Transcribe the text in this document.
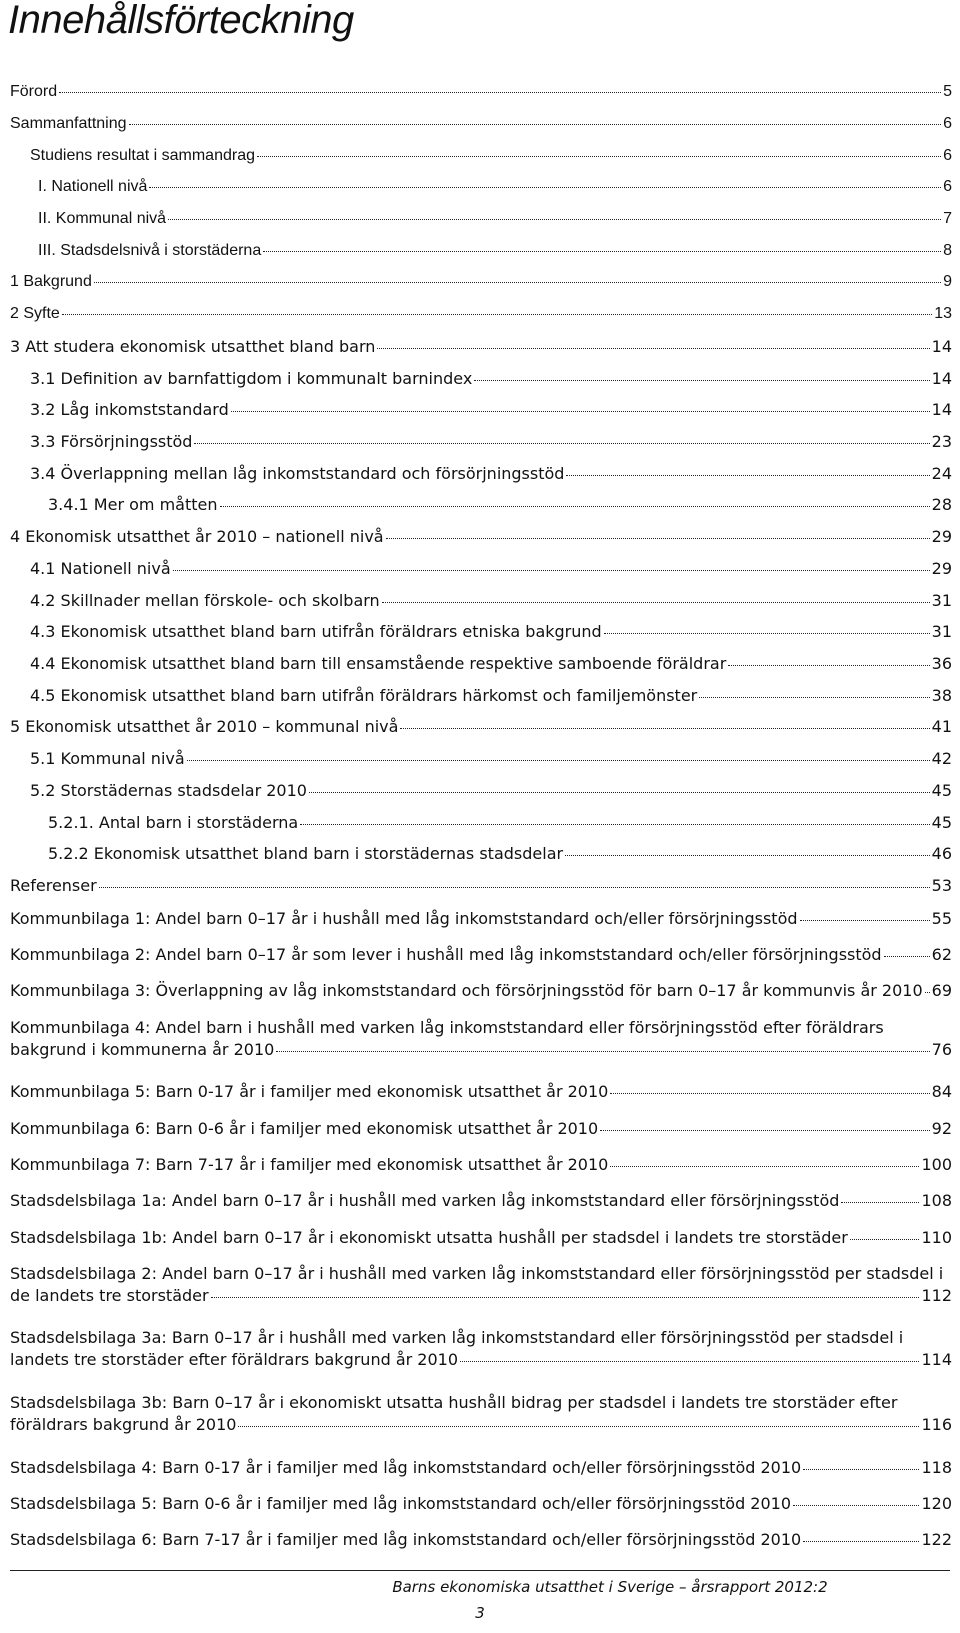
Innehållsförteckning
Förord	5
Sammanfattning	6
Studiens resultat i sammandrag	6
I. Nationell nivå	6
II. Kommunal nivå	7
III. Stadsdelsnivå i storstäderna	8
1 Bakgrund	9
2 Syfte	13
3 Att studera ekonomisk utsatthet bland barn	14
3.1 Definition av barnfattigdom i kommunalt barnindex	14
3.2 Låg inkomststandard	14
3.3 Försörjningsstöd	23
3.4 Överlappning mellan låg inkomststandard och försörjningsstöd	24
3.4.1 Mer om måtten	28
4 Ekonomisk utsatthet år 2010 – nationell nivå	29
4.1 Nationell nivå	29
4.2 Skillnader mellan förskole- och skolbarn	31
4.3 Ekonomisk utsatthet bland barn utifrån föräldrars etniska bakgrund	31
4.4 Ekonomisk utsatthet bland barn till ensamstående respektive samboende föräldrar	36
4.5 Ekonomisk utsatthet bland barn utifrån föräldrars härkomst och familjemönster	38
5 Ekonomisk utsatthet år 2010 – kommunal nivå	41
5.1 Kommunal nivå	42
5.2 Storstädernas stadsdelar 2010	45
5.2.1. Antal barn i storstäderna	45
5.2.2 Ekonomisk utsatthet bland barn i storstädernas stadsdelar	46
Referenser	53
Kommunbilaga 1: Andel barn 0–17 år i hushåll med låg inkomststandard och/eller försörjningsstöd	55
Kommunbilaga 2: Andel barn 0–17 år som lever i hushåll med låg inkomststandard och/eller försörjningsstöd	62
Kommunbilaga 3: Överlappning av låg inkomststandard och försörjningsstöd för barn 0–17 år kommunvis år 2010 69
Kommunbilaga 4: Andel barn i hushåll med varken låg inkomststandard eller försörjningsstöd efter föräldrars
bakgrund i kommunerna år 2010	76
Kommunbilaga 5: Barn 0-17 år i familjer med ekonomisk utsatthet år 2010	84
Kommunbilaga 6: Barn 0-6 år i familjer med ekonomisk utsatthet år 2010	92
Kommunbilaga 7: Barn 7-17 år i familjer med ekonomisk utsatthet år 2010	100
Stadsdelsbilaga 1a: Andel barn 0–17 år i hushåll med varken låg inkomststandard eller försörjningsstöd	108
Stadsdelsbilaga 1b: Andel barn 0–17 år i ekonomiskt utsatta hushåll per stadsdel i landets tre storstäder	110
Stadsdelsbilaga 2: Andel barn 0–17 år i hushåll med varken låg inkomststandard eller försörjningsstöd per stadsdel i
de landets tre storstäder	112
Stadsdelsbilaga 3a: Barn 0–17 år i hushåll med varken låg inkomststandard eller försörjningsstöd per stadsdel i
landets tre storstäder efter föräldrars bakgrund år 2010	114
Stadsdelsbilaga 3b: Barn 0–17 år i ekonomiskt utsatta hushåll bidrag per stadsdel i landets tre storstäder efter
föräldrars bakgrund år 2010	116
Stadsdelsbilaga 4: Barn 0-17 år i familjer med låg inkomststandard och/eller försörjningsstöd 2010	118
Stadsdelsbilaga 5: Barn 0-6 år i familjer med låg inkomststandard och/eller försörjningsstöd 2010	120
Stadsdelsbilaga 6: Barn 7-17 år i familjer med låg inkomststandard och/eller försörjningsstöd 2010	122
Barns ekonomiska utsatthet i Sverige – årsrapport 2012:2
3
